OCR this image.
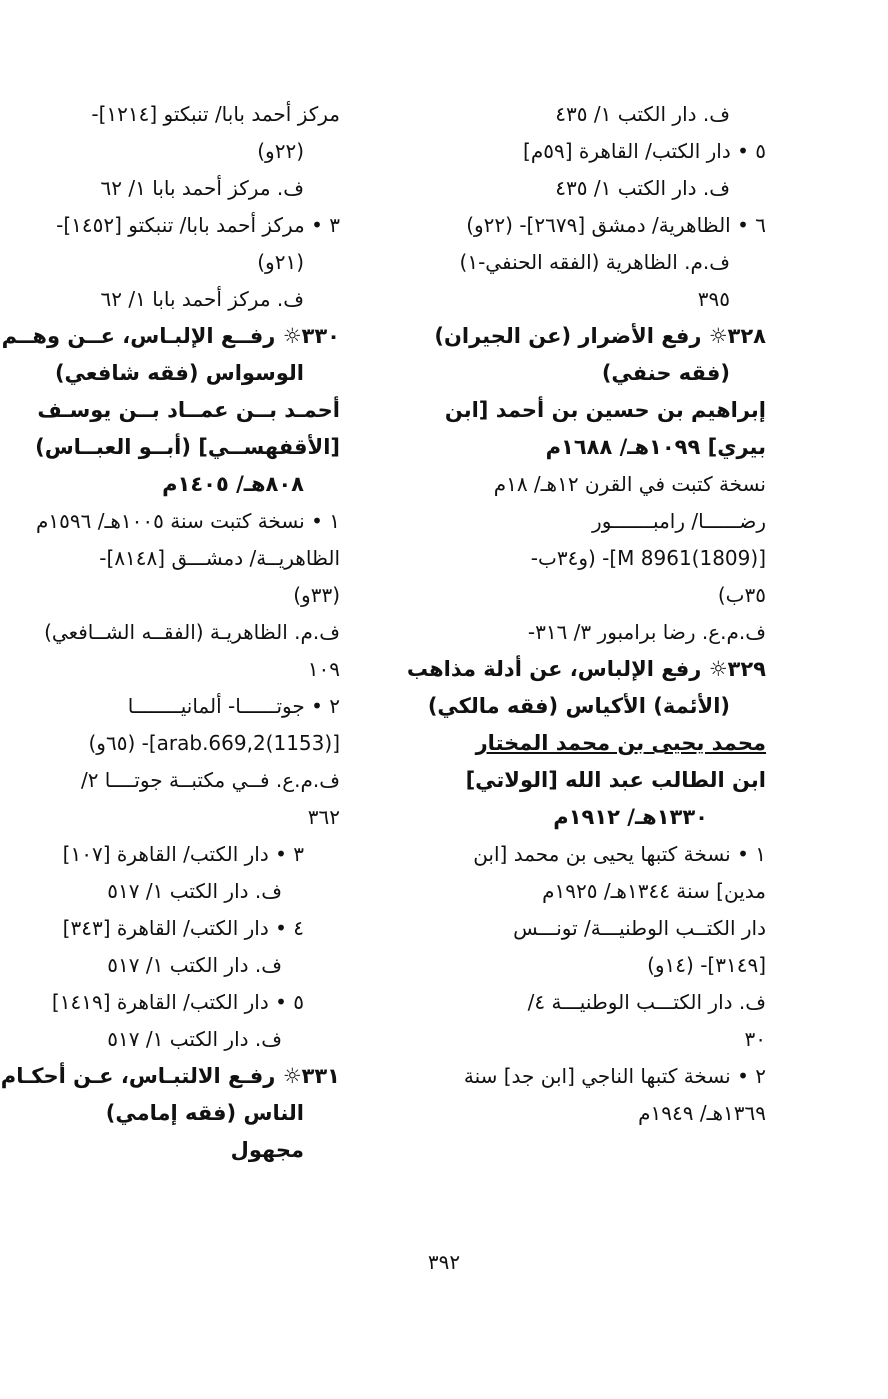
ف. دار الكتب ١/ ٤٣٥
٥ • دار الكتب/ القاهرة [٥٩م]
ف. دار الكتب ١/ ٤٣٥
٦ • الظاهرية/ دمشق [٢٦٧٩]- (٢٢و)
ف.م. الظاهرية (الفقه الحنفي-١)
٣٩٥
٣٢٨☼ رفع الأضرار (عن الجيران)
(فقه حنفي)
إبراهيم بن حسين بن أحمد [ابن
بيري] ١٠٩٩هـ/ ١٦٨٨م
نسخة كتبت في القرن ١٢هـ/ ١٨م
رضــــــا/ رامبـــــــور
[M 8961(1809)]- (و٣٤ب-
٣٥ب)
ف.م.ع. رضا برامبور ٣/ ٣١٦-
٣٢٩☼ رفع الإلباس، عن أدلة مذاهب
(الأئمة) الأكياس (فقه مالكي)
محمد يحيى بن محمد المختار
ابن الطالب عبد الله [الولاتي]
١٣٣٠هـ/ ١٩١٢م
١ • نسخة كتبها يحيى بن محمد [ابن
مدين] سنة ١٣٤٤هـ/ ١٩٢٥م
دار الكتــب الوطنيـــة/ تونـــس
[٣١٤٩]- (١٤و)
ف. دار الكتـــب الوطنيـــة ٤/
٣٠
٢ • نسخة كتبها الناجي [ابن جد] سنة
١٣٦٩هـ/ ١٩٤٩م
مركز أحمد بابا/ تنبكتو [١٢١٤]-
(٢٢و)
ف. مركز أحمد بابا ١/ ٦٢
٣ • مركز أحمد بابا/ تنبكتو [١٤٥٢]-
(٢١و)
ف. مركز أحمد بابا ١/ ٦٢
٣٣٠☼ رفــع الإلبـاس، عــن وهــم
الوسواس (فقه شافعي)
أحمـد بــن عمــاد بــن يوسـف
[الأقفهســي] (أبــو العبــاس)
٨٠٨هـ/ ١٤٠٥م
١ • نسخة كتبت سنة ١٠٠٥هـ/ ١٥٩٦م
الظاهريــة/ دمشـــق [٨١٤٨]-
(٣٣و)
ف.م. الظاهريـة (الفقــه الشــافعي)
١٠٩
٢ • جوتــــــا- ألمانيــــــــا
[arab.669,2(1153)]- (٦٥و)
ف.م.ع. فــي مكتبــة جوتــــا ٢/
٣٦٢
٣ • دار الكتب/ القاهرة [١٠٧]
ف. دار الكتب ١/ ٥١٧
٤ • دار الكتب/ القاهرة [٣٤٣]
ف. دار الكتب ١/ ٥١٧
٥ • دار الكتب/ القاهرة [١٤١٩]
ف. دار الكتب ١/ ٥١٧
٣٣١☼ رفـع الالتبـاس، عـن أحكـام
الناس (فقه إمامي)
مجهول
٣٩٢
